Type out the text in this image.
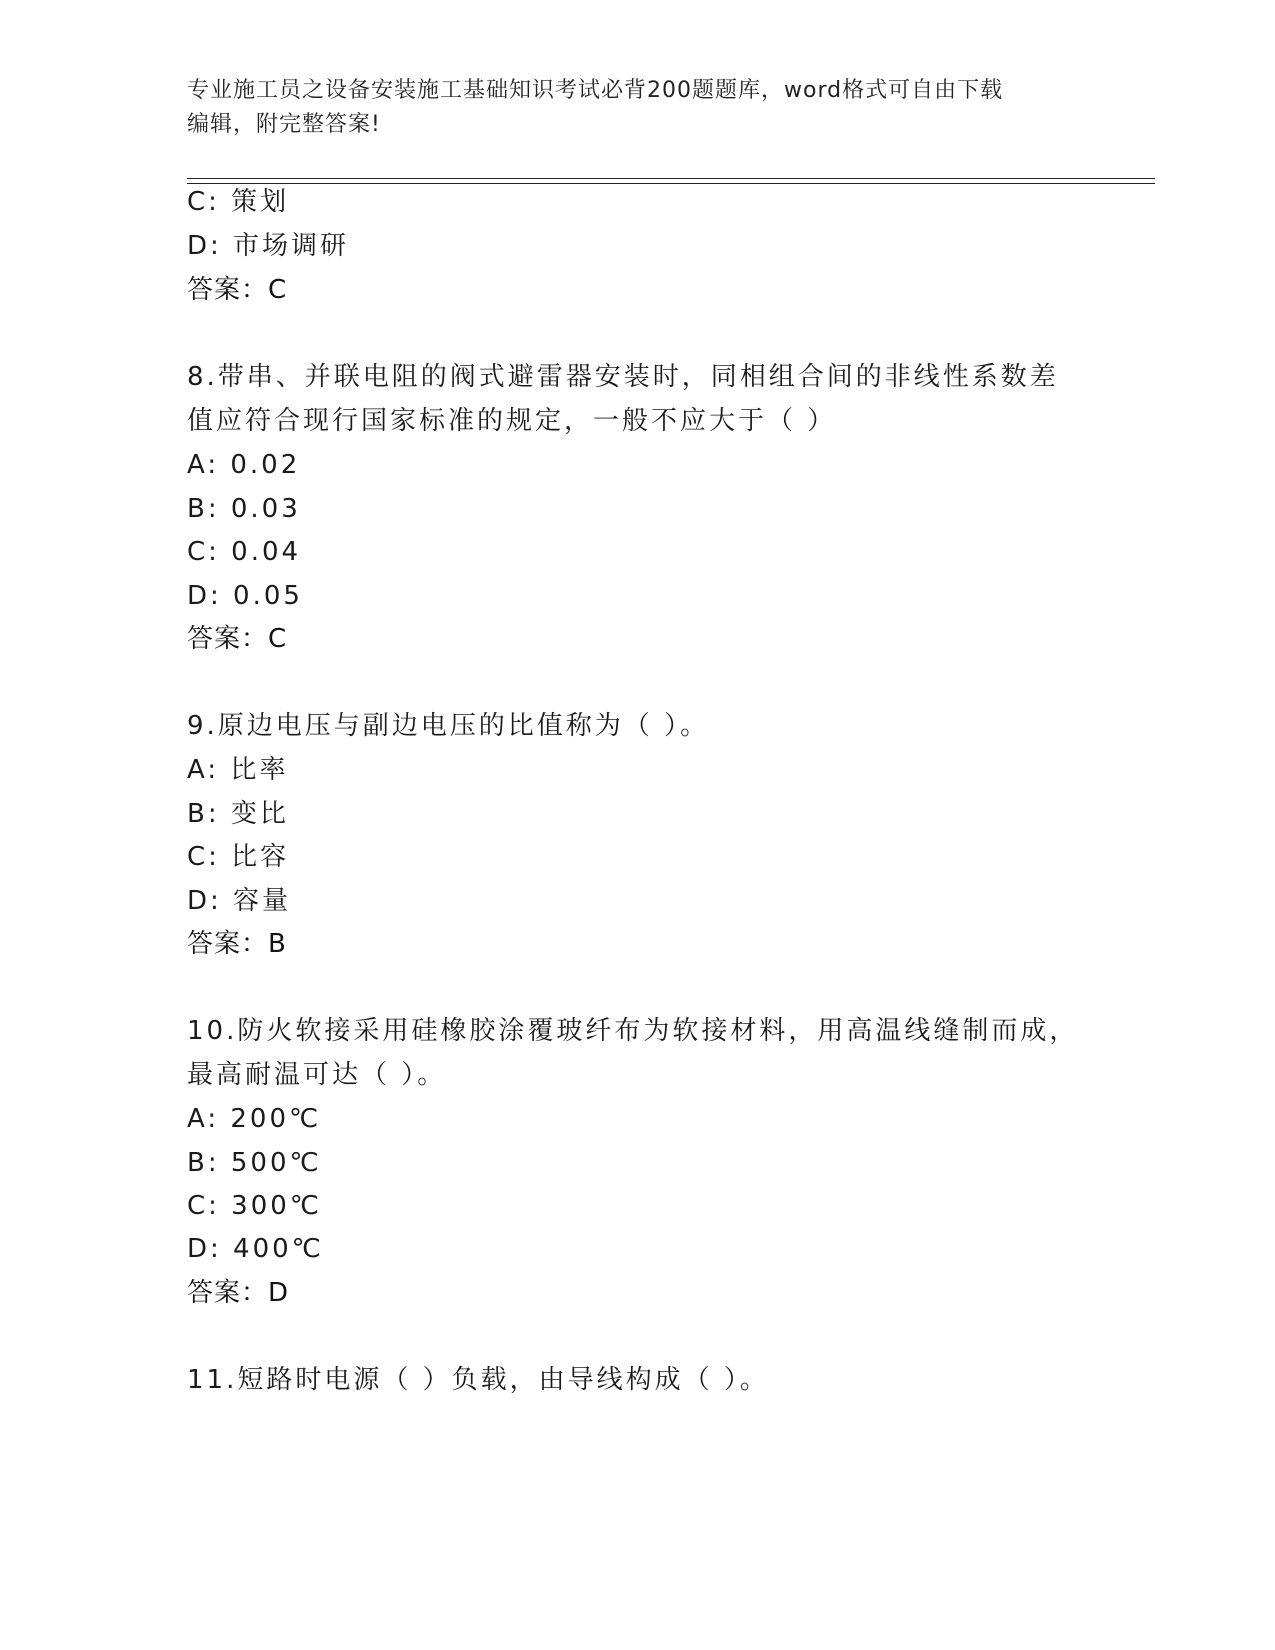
专业施工员之设备安装施工基础知识考试必背200题题库，word格式可自由下载
编辑，附完整答案!
C: 策划
D: 市场调研
答案：C
8.带串、并联电阻的阀式避雷器安装时，同相组合间的非线性系数差
值应符合现行国家标准的规定，一般不应大于（ ）
A: 0.02
B: 0.03
C: 0.04
D: 0.05
答案：C
9.原边电压与副边电压的比值称为（ ）。
A: 比率
B: 变比
C: 比容
D: 容量
答案：B
10.防火软接采用硅橡胶涂覆玻纤布为软接材料，用高温线缝制而成，
最高耐温可达（ ）。
A: 200℃
B: 500℃
C: 300℃
D: 400℃
答案：D
11.短路时电源（ ）负载，由导线构成（ ）。
